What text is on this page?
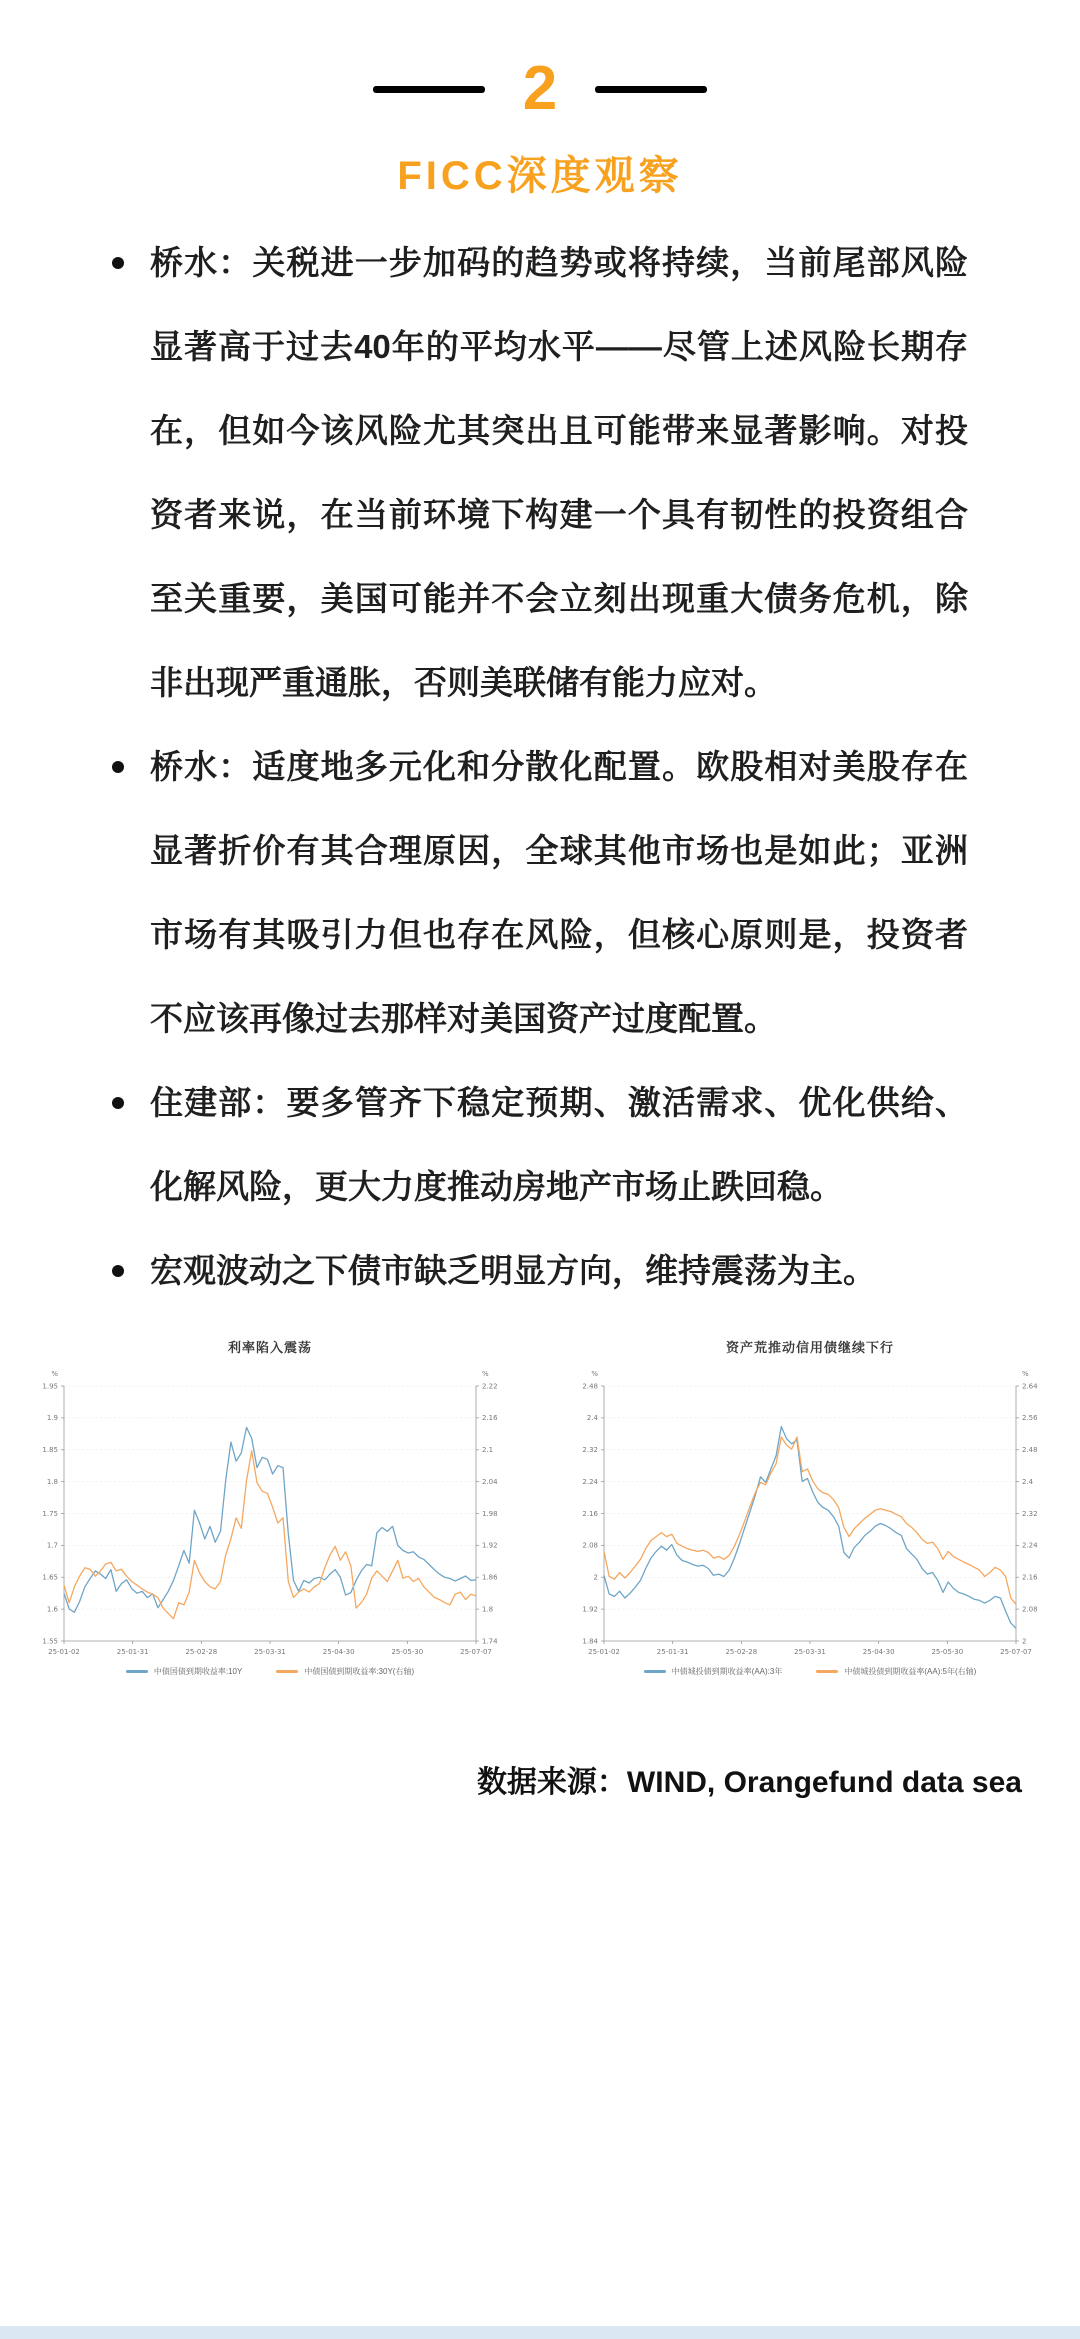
2
FICC深度观察
桥水：关税进一步加码的趋势或将持续，当前尾部风险显著高于过去40年的平均水平——尽管上述风险长期存在，但如今该风险尤其突出且可能带来显著影响。对投资者来说，在当前环境下构建一个具有韧性的投资组合至关重要，美国可能并不会立刻出现重大债务危机，除非出现严重通胀，否则美联储有能力应对。
桥水：适度地多元化和分散化配置。欧股相对美股存在显著折价有其合理原因，全球其他市场也是如此；亚洲市场有其吸引力但也存在风险，但核心原则是，投资者不应该再像过去那样对美国资产过度配置。
住建部：要多管齐下稳定预期、激活需求、优化供给、化解风险，更大力度推动房地产市场止跌回稳。
宏观波动之下债市缺乏明显方向，维持震荡为主。
利率陷入震荡
1.95	2.22
1.9	2.16
1.85	2.1
1.8	2.04
1.75	1.98
1.7	1.92
1.65	1.86
1.6	1.8
1.55	1.74
%	%
25-01-02	25-01-31	25-02-28	25-03-31	25-04-30	25-05-30	25-07-07
中债国债到期收益率:10Y	中债国债到期收益率:30Y(右轴)
资产荒推动信用债继续下行
2.48	2.64
2.4	2.56
2.32	2.48
2.24	2.4
2.16	2.32
2.08	2.24
2	2.16
1.92	2.08
1.84	2
%	%
25-01-02	25-01-31	25-02-28	25-03-31	25-04-30	25-05-30	25-07-07
中债城投债到期收益率(AA):3年	中债城投债到期收益率(AA):5年(右轴)
数据来源：WIND, Orangefund data sea
